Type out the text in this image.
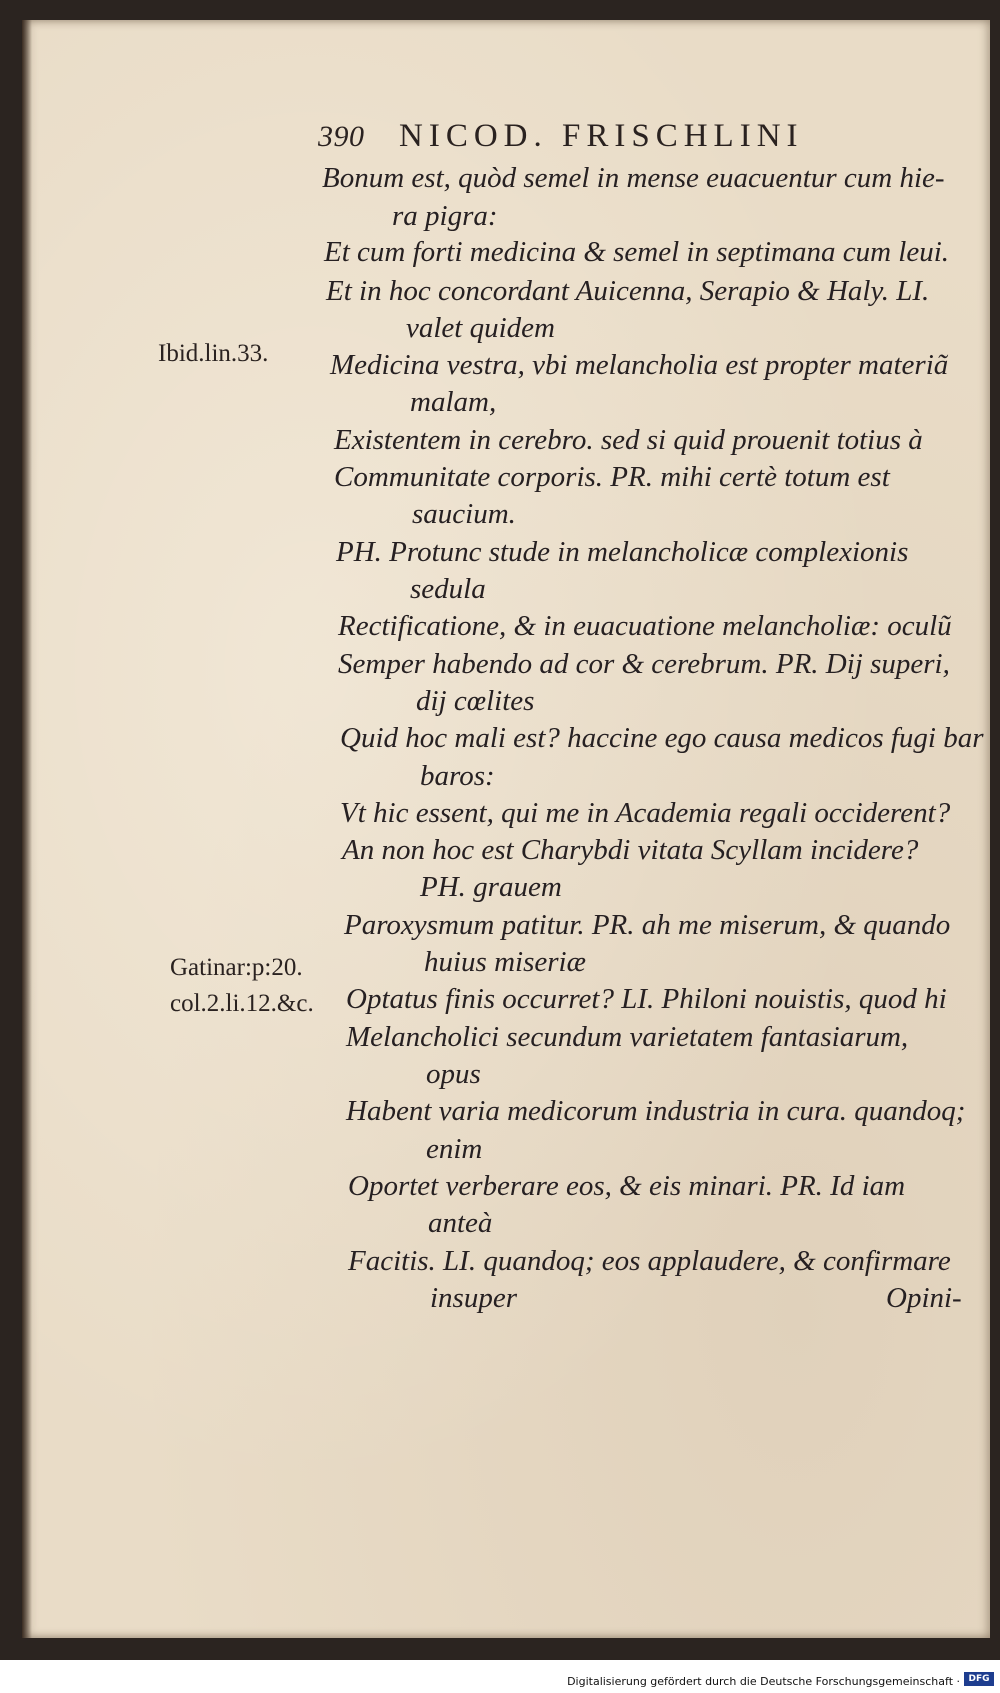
390 NICOD. FRISCHLINI
Ibid.lin.33.
Gatinar:p:20.
col.2.li.12.&c.
Bonum est, quòd semel in mense euacuentur cum hie-
ra pigra:
Et cum forti medicina & semel in septimana cum leui.
Et in hoc concordant Auicenna, Serapio & Haly. LI.
valet quidem
Medicina vestra, vbi melancholia est propter materiã
malam,
Existentem in cerebro. sed si quid prouenit totius à
Communitate corporis. PR. mihi certè totum est
saucium.
PH. Protunc stude in melancholicæ complexionis
sedula
Rectificatione, & in euacuatione melancholiæ: oculũ
Semper habendo ad cor & cerebrum. PR. Dij superi,
dij cœlites
Quid hoc mali est? haccine ego causa medicos fugi bar
baros:
Vt hic essent, qui me in Academia regali occiderent?
An non hoc est Charybdi vitata Scyllam incidere?
PH. grauem
Paroxysmum patitur. PR. ah me miserum, & quando
huius miseriæ
Optatus finis occurret? LI. Philoni nouistis, quod hi
Melancholici secundum varietatem fantasiarum,
opus
Habent varia medicorum industria in cura. quandoq;
enim
Oportet verberare eos, & eis minari. PR. Id iam
anteà
Facitis. LI. quandoq; eos applaudere, & confirmare
insuper	Opini-
Digitalisierung gefördert durch die Deutsche Forschungsgemeinschaft · DFG
